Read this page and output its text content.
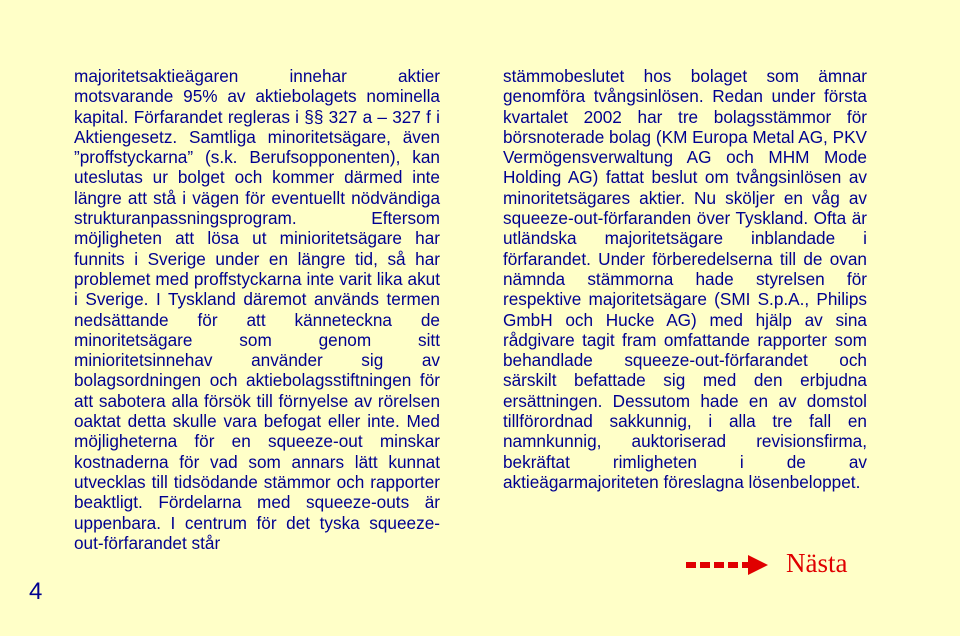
majoritetsaktieägaren innehar aktier motsvarande 95% av aktiebolagets nominella kapital. Förfarandet regleras i §§ 327 a – 327 f i Aktiengesetz. Samtliga minoritetsägare, även ”proffstyckarna” (s.k. Berufsopponenten), kan uteslutas ur bolget och kommer därmed inte längre att stå i vägen för eventuellt nödvändiga strukturanpassningsprogram. Eftersom möjligheten att lösa ut minioritetsägare har funnits i Sverige under en längre tid, så har problemet med proffstyckarna inte varit lika akut i Sverige. I Tyskland däremot används termen nedsättande för att känneteckna de minoritetsägare som genom sitt minioritetsinnehav använder sig av bolagsordningen och aktiebolagsstiftningen för att sabotera alla försök till förnyelse av rörelsen oaktat detta skulle vara befogat eller inte. Med möjligheterna för en squeeze-out minskar kostnaderna för vad som annars lätt kunnat utvecklas till tidsödande stämmor och rapporter beaktligt. Fördelarna med squeeze-outs är uppenbara. I centrum för det tyska squeeze-out-förfarandet står

stämmobeslutet hos bolaget som ämnar genomföra tvångsinlösen. Redan under första kvartalet 2002 har tre bolagsstämmor för börsnoterade bolag (KM Europa Metal AG, PKV Vermögensverwaltung AG och MHM Mode Holding AG) fattat beslut om tvångsinlösen av minoritetsägares aktier. Nu sköljer en våg av squeeze-out-förfaranden över Tyskland. Ofta är utländska majoritetsägare inblandade i förfarandet. Under förberedelserna till de ovan nämnda stämmorna hade styrelsen för respektive majoritetsägare (SMI S.p.A., Philips GmbH och Hucke AG) med hjälp av sina rådgivare tagit fram omfattande rapporter som behandlade squeeze-out-förfarandet och särskilt befattade sig med den erbjudna ersättningen. Dessutom hade en av domstol tillförordnad sakkunnig, i alla tre fall en namnkunnig, auktoriserad revisionsfirma, bekräftat rimligheten i de av aktieägarmajoriteten föreslagna lösenbeloppet.

4
Nästa
